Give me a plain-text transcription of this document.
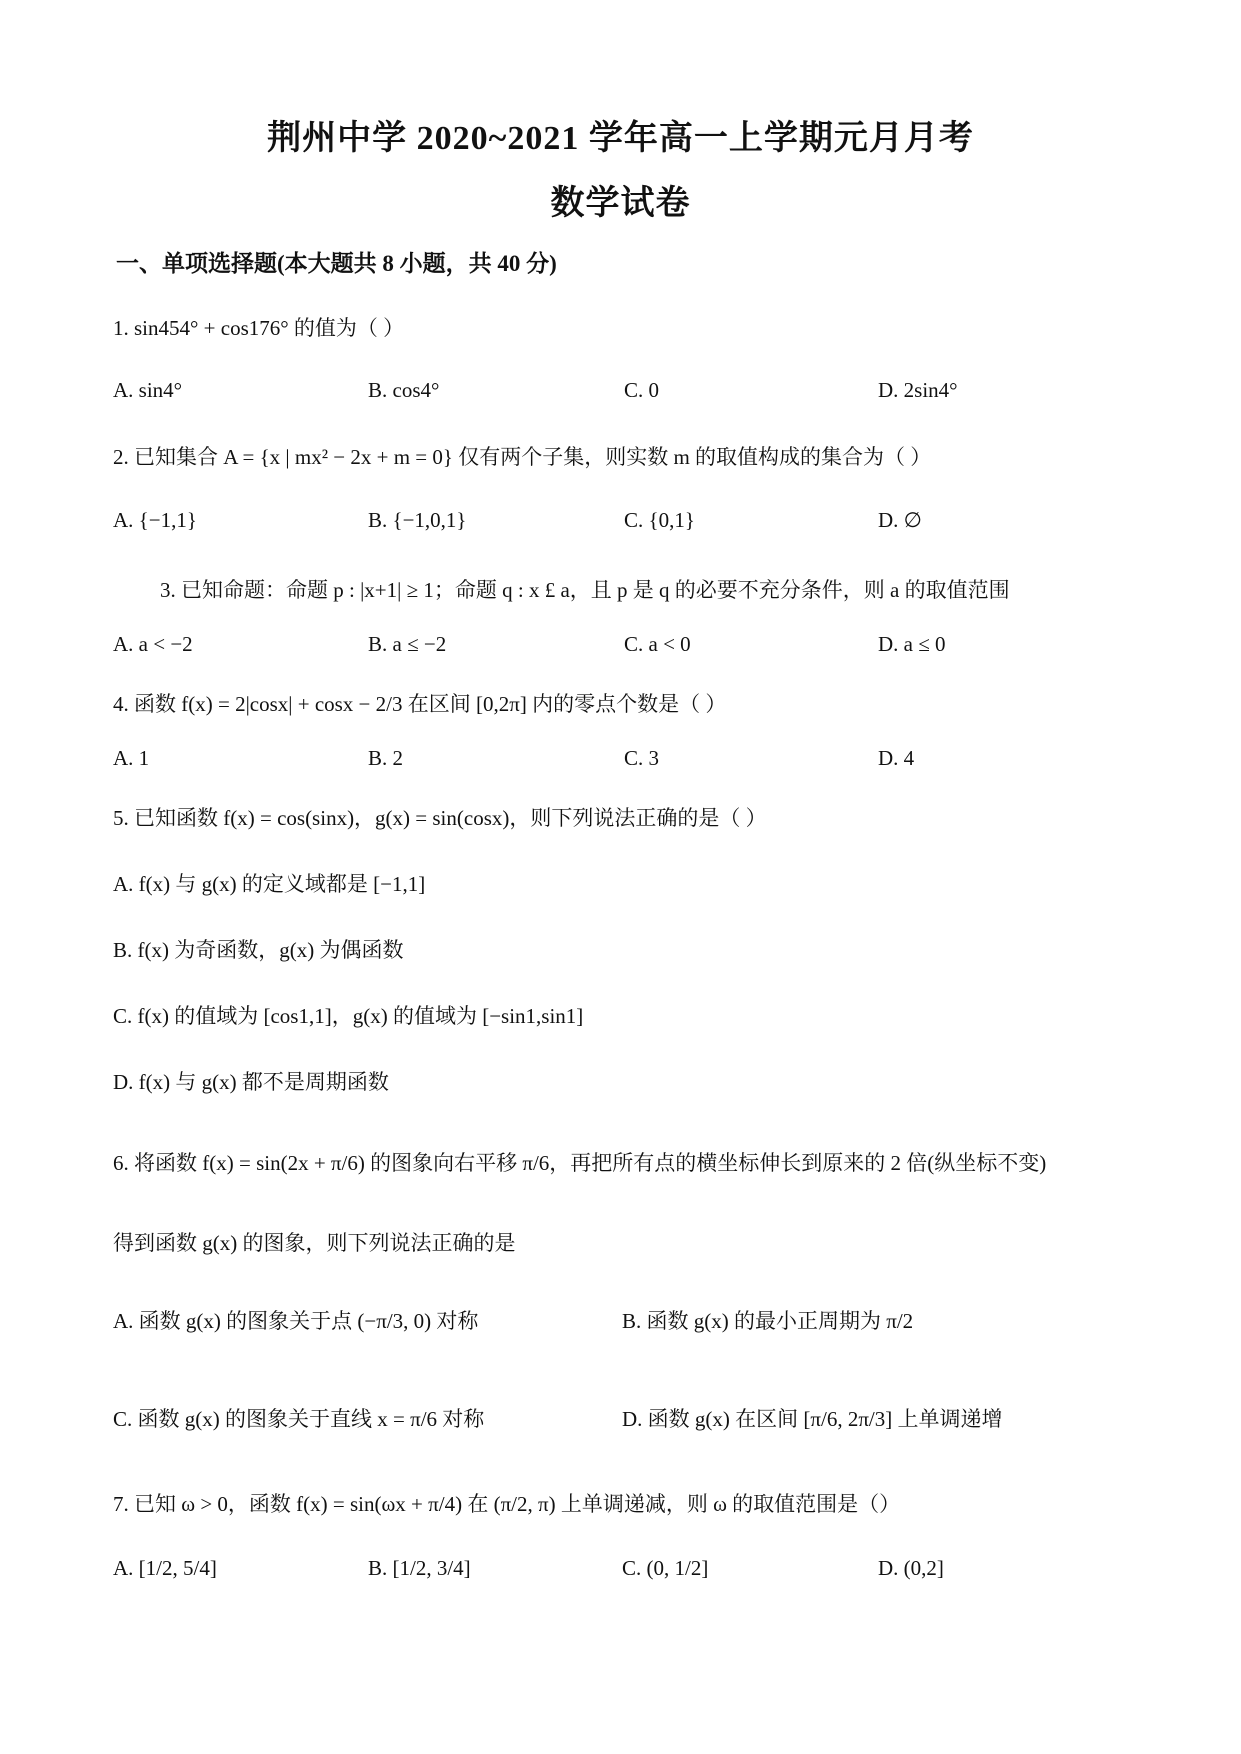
荆州中学 2020~2021 学年高一上学期元月月考
数学试卷
一、单项选择题(本大题共 8 小题，共 40 分)
1. sin454° + cos176° 的值为（ ）
A. sin4°	B. cos4°	C. 0	D. 2sin4°
2. 已知集合 A = {x | mx² − 2x + m = 0} 仅有两个子集，则实数 m 的取值构成的集合为（ ）
A. {−1,1}	B. {−1,0,1}	C. {0,1}	D. ∅
3. 已知命题：命题 p : |x+1| ≥ 1；命题 q : x £ a，且 p 是 q 的必要不充分条件，则 a 的取值范围
A. a < −2	B. a ≤ −2	C. a < 0	D. a ≤ 0
4. 函数 f(x) = 2|cosx| + cosx − 2/3 在区间 [0,2π] 内的零点个数是（ ）
A. 1	B. 2	C. 3	D. 4
5. 已知函数 f(x) = cos(sinx)，g(x) = sin(cosx)，则下列说法正确的是（ ）
A. f(x) 与 g(x) 的定义域都是 [−1,1]
B. f(x) 为奇函数，g(x) 为偶函数
C. f(x) 的值域为 [cos1,1]，g(x) 的值域为 [−sin1,sin1]
D. f(x) 与 g(x) 都不是周期函数
6. 将函数 f(x) = sin(2x + π/6) 的图象向右平移 π/6，再把所有点的横坐标伸长到原来的 2 倍(纵坐标不变)
得到函数 g(x) 的图象，则下列说法正确的是
A. 函数 g(x) 的图象关于点 (−π/3, 0) 对称	B. 函数 g(x) 的最小正周期为 π/2
C. 函数 g(x) 的图象关于直线 x = π/6 对称	D. 函数 g(x) 在区间 [π/6, 2π/3] 上单调递增
7. 已知 ω > 0，函数 f(x) = sin(ωx + π/4) 在 (π/2, π) 上单调递减，则 ω 的取值范围是（）
A. [1/2, 5/4]	B. [1/2, 3/4]	C. (0, 1/2]	D. (0,2]
